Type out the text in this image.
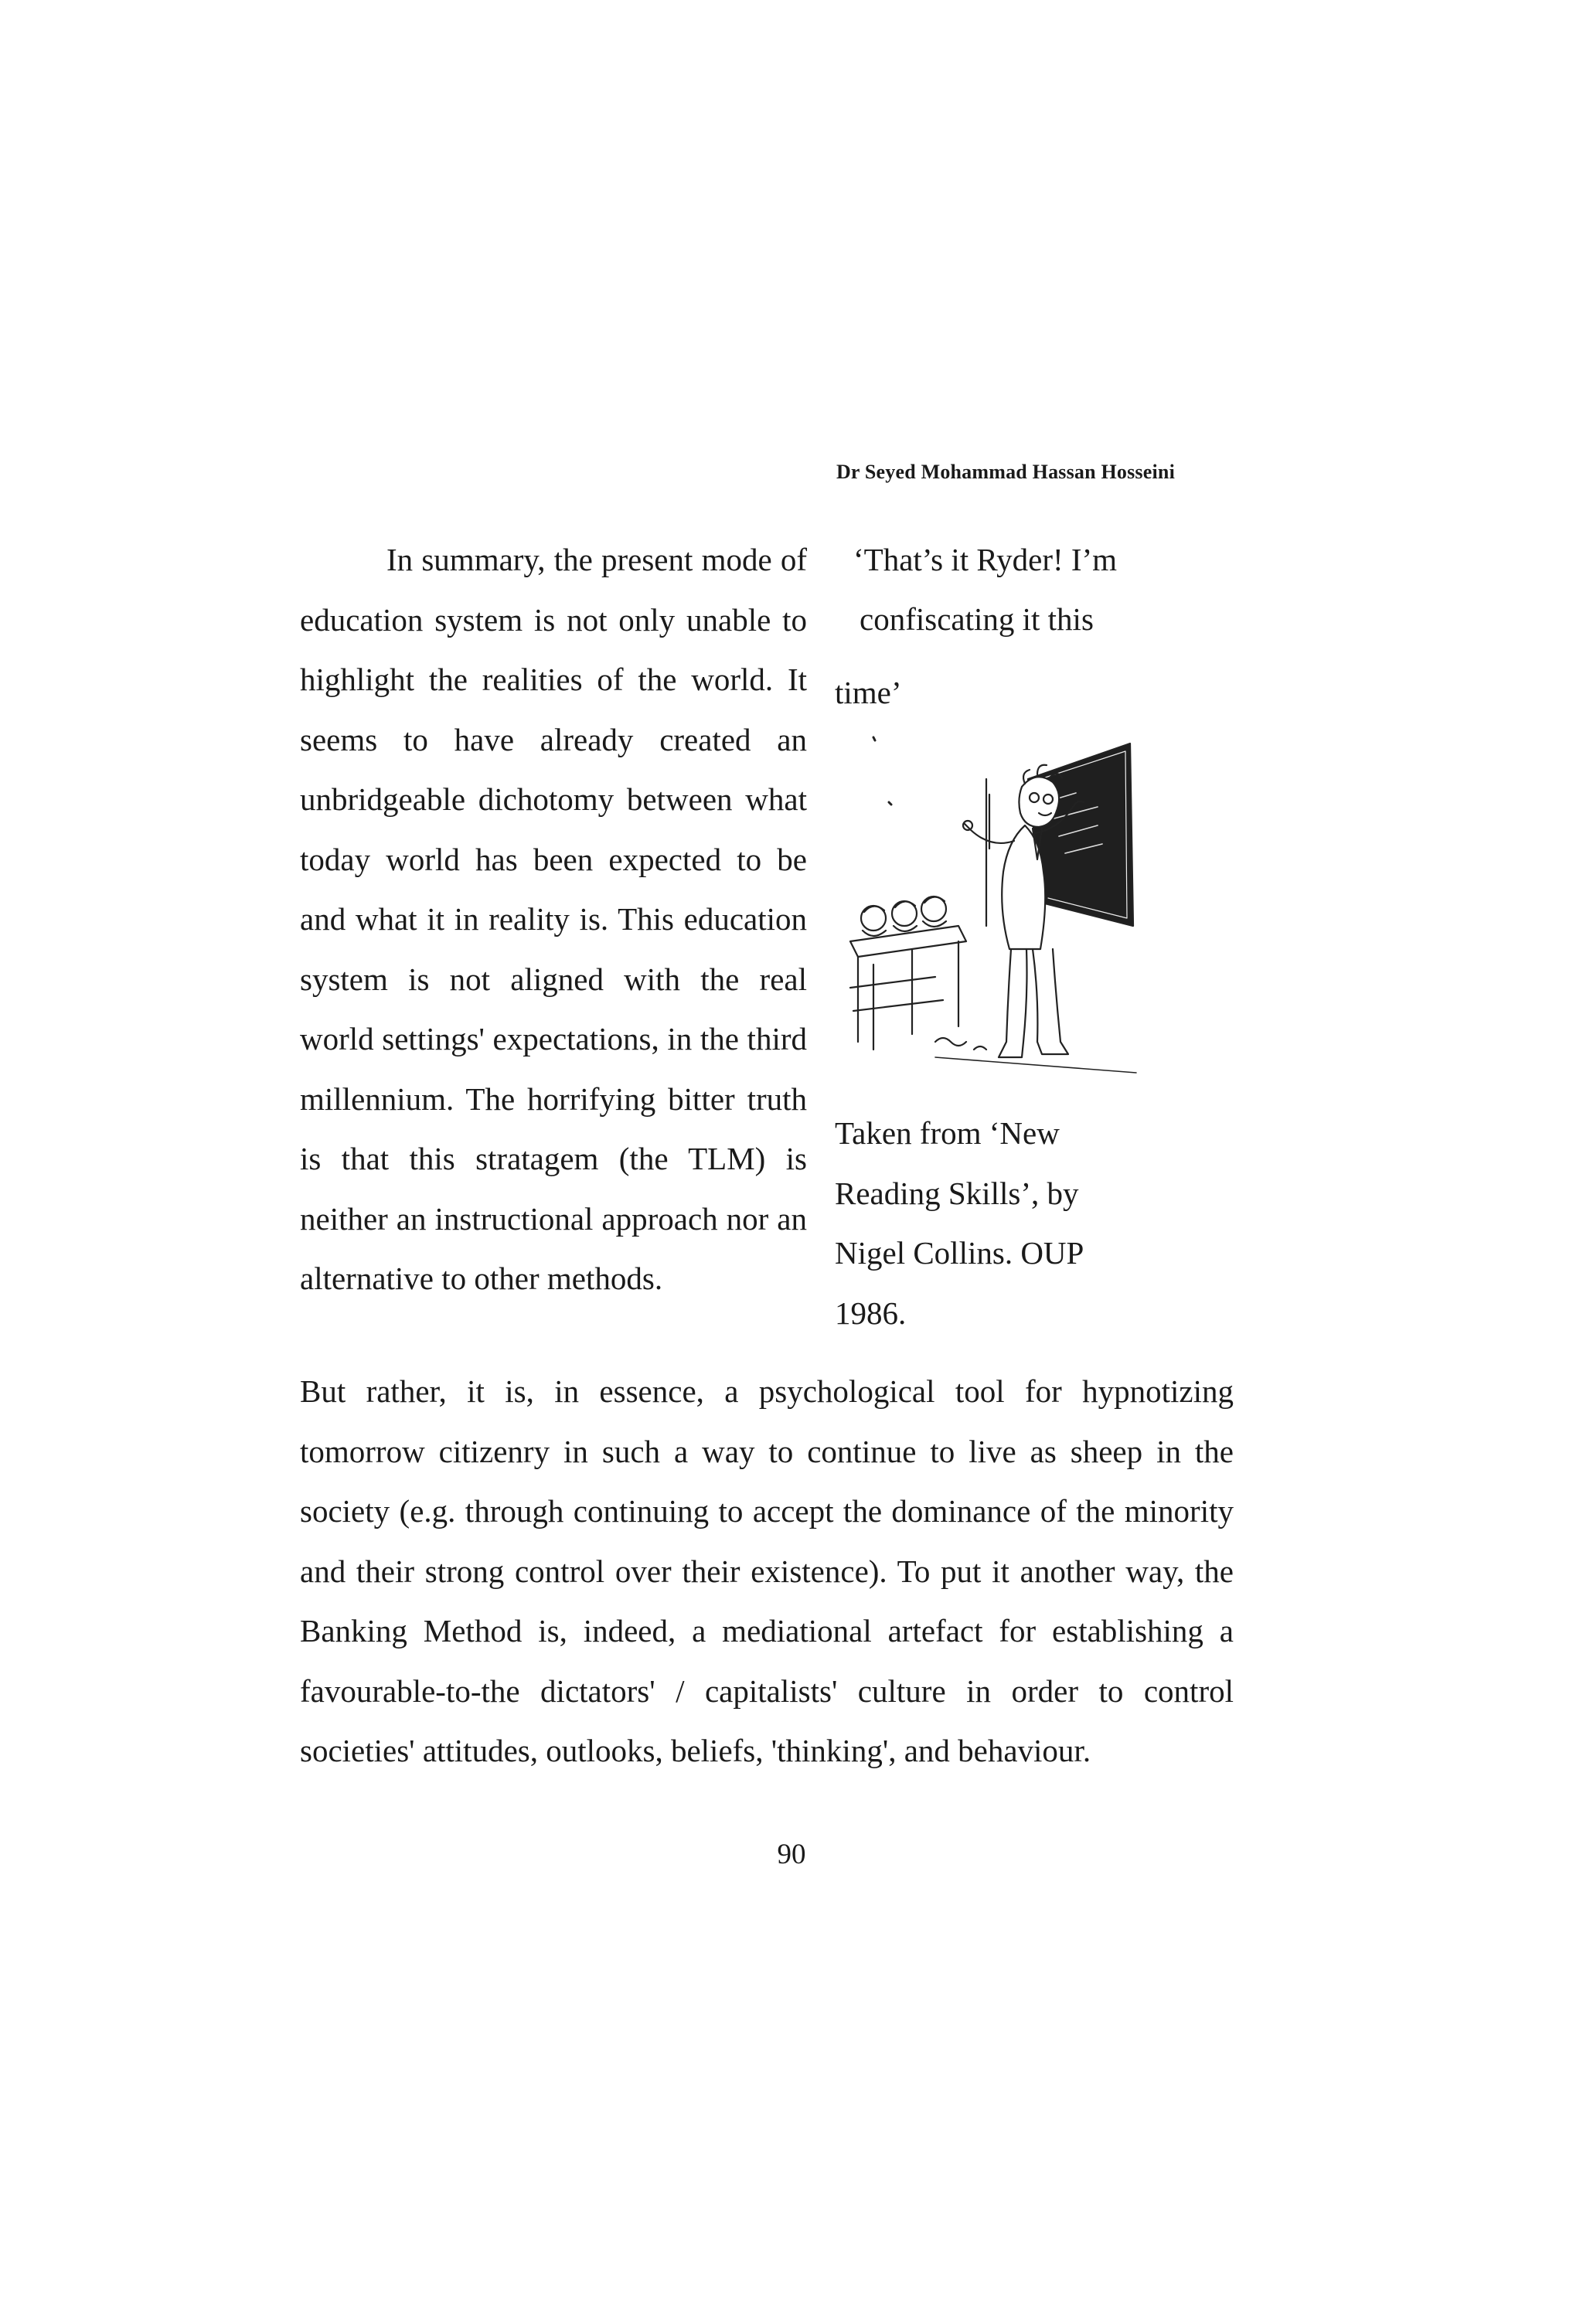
Dr Seyed Mohammad Hassan Hosseini

In summary, the present mode of education system is not only unable to highlight the realities of the world. It seems to have already created an unbridgeable dichotomy between what today world has been expected to be and what it in reality is. This education system is not aligned with the real world settings' expectations, in the third millennium. The horrifying bitter truth is that this stratagem (the TLM) is neither an instructional approach nor an alternative to other methods.

‘That’s it Ryder! I’m
confiscating it this
time’
Taken from ‘New
Reading Skills’, by
Nigel Collins. OUP
1986.

But rather, it is, in essence, a psychological tool for hypnotizing tomorrow citizenry in such a way to continue to live as sheep in the society (e.g. through continuing to accept the dominance of the minority and their strong control over their existence). To put it another way, the Banking Method is, indeed, a mediational artefact for establishing a favourable-to-the dictators' / capitalists' culture in order to control societies' attitudes, outlooks, beliefs, 'thinking', and behaviour.

90
